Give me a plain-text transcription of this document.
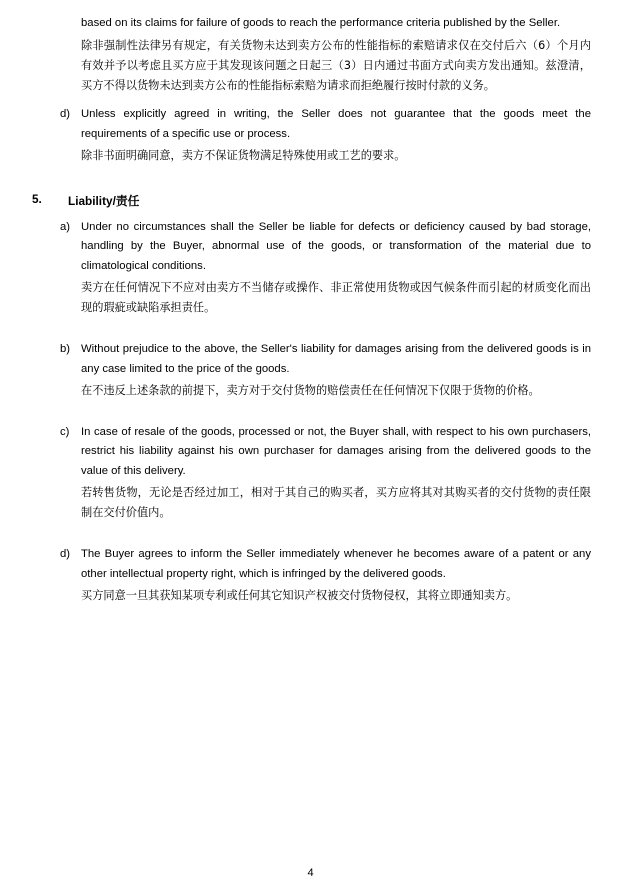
based on its claims for failure of goods to reach the performance criteria published by the Seller.
除非强制性法律另有规定，有关货物未达到卖方公布的性能指标的索赔请求仅在交付后六（6）个月内有效并予以考虑且买方应于其发现该问题之日起三（3）日内通过书面方式向卖方发出通知。兹澄清，买方不得以货物未达到卖方公布的性能指标索赔为请求而拒绝履行按时付款的义务。
d) Unless explicitly agreed in writing, the Seller does not guarantee that the goods meet the requirements of a specific use or process.
除非书面明确同意，卖方不保证货物满足特殊使用或工艺的要求。
5. Liability/责任
a) Under no circumstances shall the Seller be liable for defects or deficiency caused by bad storage, handling by the Buyer, abnormal use of the goods, or transformation of the material due to climatological conditions.
卖方在任何情况下不应对由卖方不当储存或操作、非正常使用货物或因气候条件而引起的材质变化而出现的瑕疵或缺陷承担责任。
b) Without prejudice to the above, the Seller's liability for damages arising from the delivered goods is in any case limited to the price of the goods.
在不违反上述条款的前提下，卖方对于交付货物的赔偿责任在任何情况下仅限于货物的价格。
c)	In case of resale of the goods, processed or not, the Buyer shall, with respect to his own purchasers, restrict his liability against his own purchaser for damages arising from the delivered goods to the value of this delivery.
若转售货物，无论是否经过加工，相对于其自己的购买者，买方应将其对其购买者的交付货物的责任限制在交付价值内。
d) The Buyer agrees to inform the Seller immediately whenever he becomes aware of a patent or any other intellectual property right, which is infringed by the delivered goods.
买方同意一旦其获知某项专利或任何其它知识产权被交付货物侵权，其将立即通知卖方。
4
